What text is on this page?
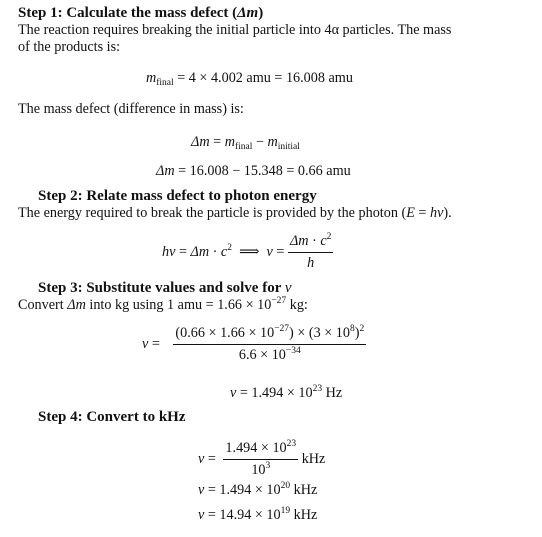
Step 1: Calculate the mass defect (Δm)
The reaction requires breaking the initial particle into 4α particles. The mass
of the products is:
$m_{final} = 4 \times 4.002$ amu = 16.008 amu
The mass defect (difference in mass) is:
$\Delta m = m_{final} - m_{initial}$
Δm = 16.008 − 15.348 = 0.66 amu
Step 2: Relate mass defect to photon energy
The energy required to break the particle is provided by the photon (E = hν).
$h\nu = \Delta m \cdot c^2$  ⟹  $\nu = \frac{\Delta m \cdot c^2}{h}$
Step 3: Substitute values and solve for ν
Convert Δm into kg using 1 amu = $1.66 \times 10^{-27}$ kg:
$\nu = \frac{(0.66 \times 1.66 \times 10^{-27}) \times (3 \times 10^8)^2}{6.6 \times 10^{-34}}$
$\nu = 1.494 \times 10^{23}$ Hz
Step 4: Convert to kHz
$\nu = \frac{1.494 \times 10^{23}}{10^3}$ kHz
$\nu = 1.494 \times 10^{20}$ kHz
$\nu = 14.94 \times 10^{19}$ kHz
